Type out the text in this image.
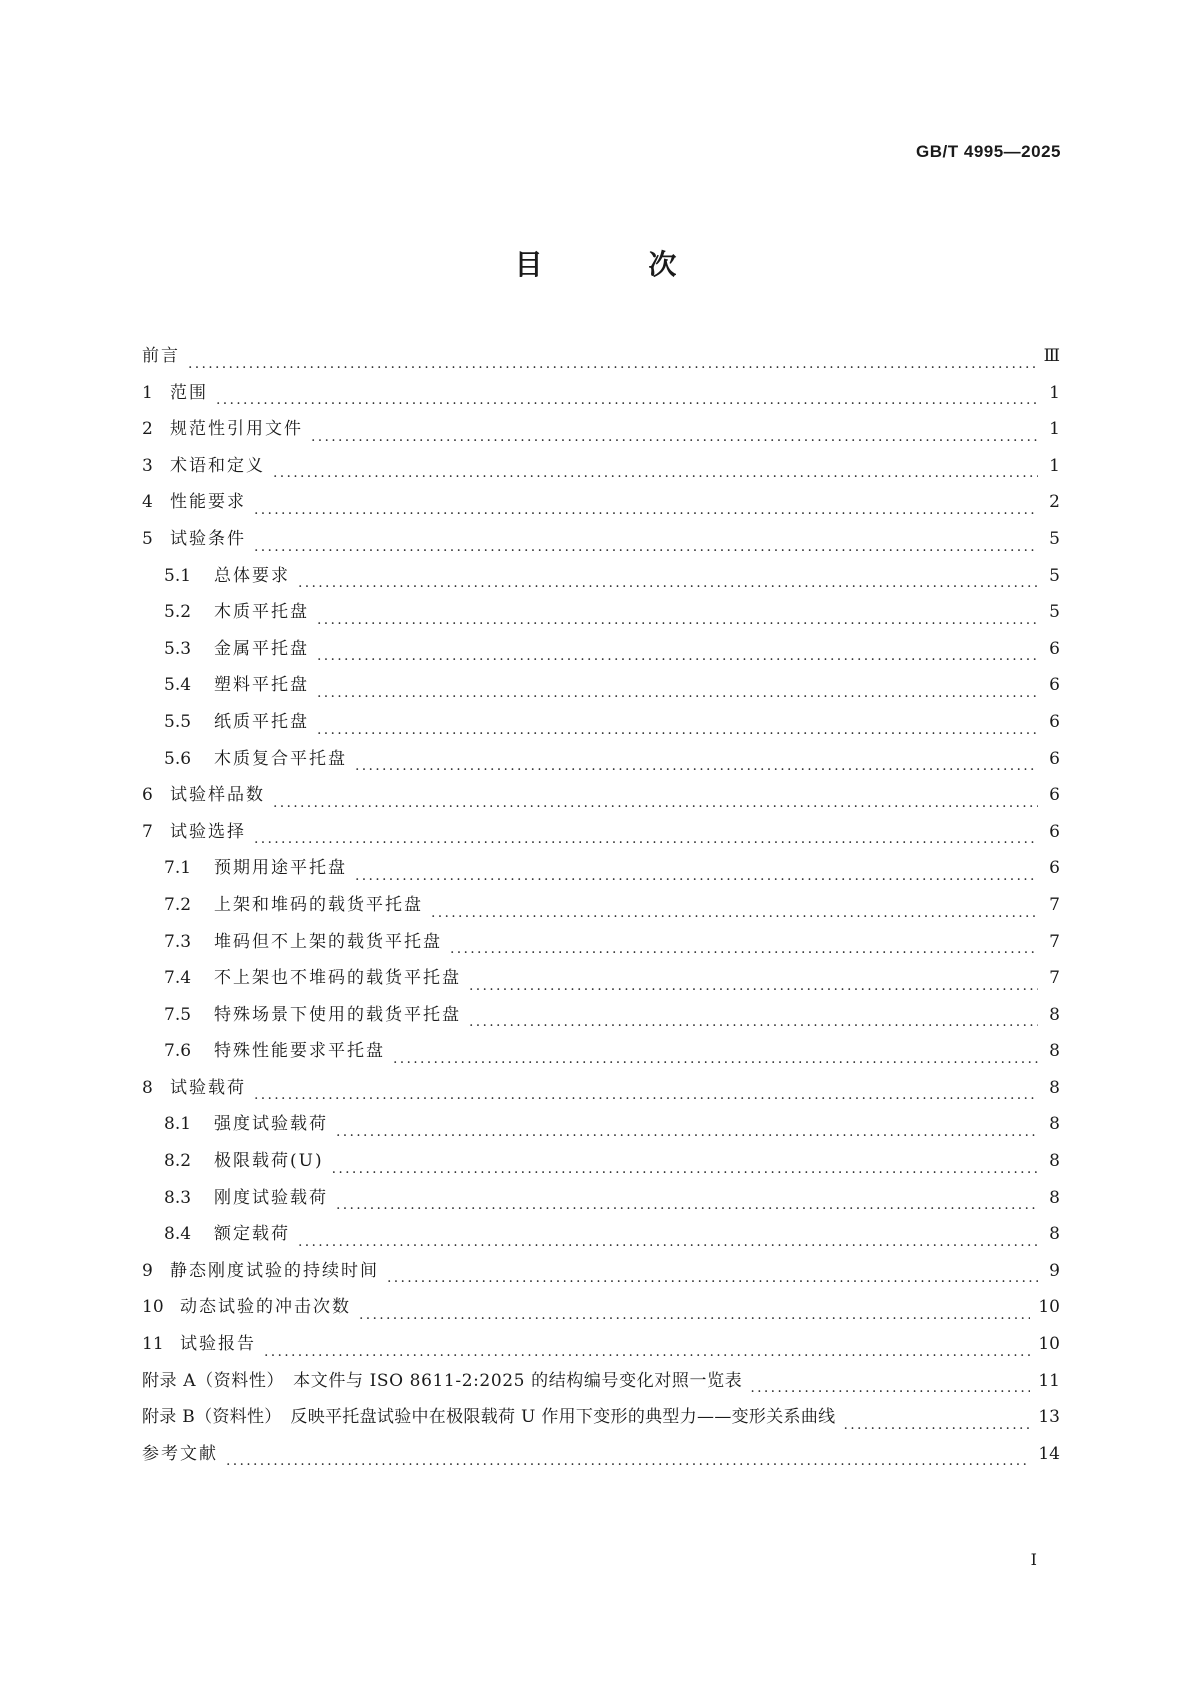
GB/T 4995—2025
目 次
前言 .....	Ⅲ
1	范围 .....	1
2	规范性引用文件 .....	1
3	术语和定义 .....	1
4	性能要求 .....	2
5	试验条件 .....	5
5.1	总体要求 .....	5
5.2	木质平托盘 .....	5
5.3	金属平托盘 .....	6
5.4	塑料平托盘 .....	6
5.5	纸质平托盘 .....	6
5.6	木质复合平托盘 .....	6
6	试验样品数 .....	6
7	试验选择 .....	6
7.1	预期用途平托盘 .....	6
7.2	上架和堆码的载货平托盘 .....	7
7.3	堆码但不上架的载货平托盘 .....	7
7.4	不上架也不堆码的载货平托盘 .....	7
7.5	特殊场景下使用的载货平托盘 .....	8
7.6	特殊性能要求平托盘 .....	8
8	试验载荷 .....	8
8.1	强度试验载荷 .....	8
8.2	极限载荷(U) .....	8
8.3	刚度试验载荷 .....	8
8.4	额定载荷 .....	8
9	静态刚度试验的持续时间 .....	9
10 动态试验的冲击次数 .....	10
11 试验报告 .....	10
附录 A（资料性）　本文件与 ISO 8611-2:2025 的结构编号变化对照一览表 .....	11
附录 B（资料性）　反映平托盘试验中在极限载荷 U 作用下变形的典型力——变形关系曲线 .....	13
参考文献 .....	14
I
